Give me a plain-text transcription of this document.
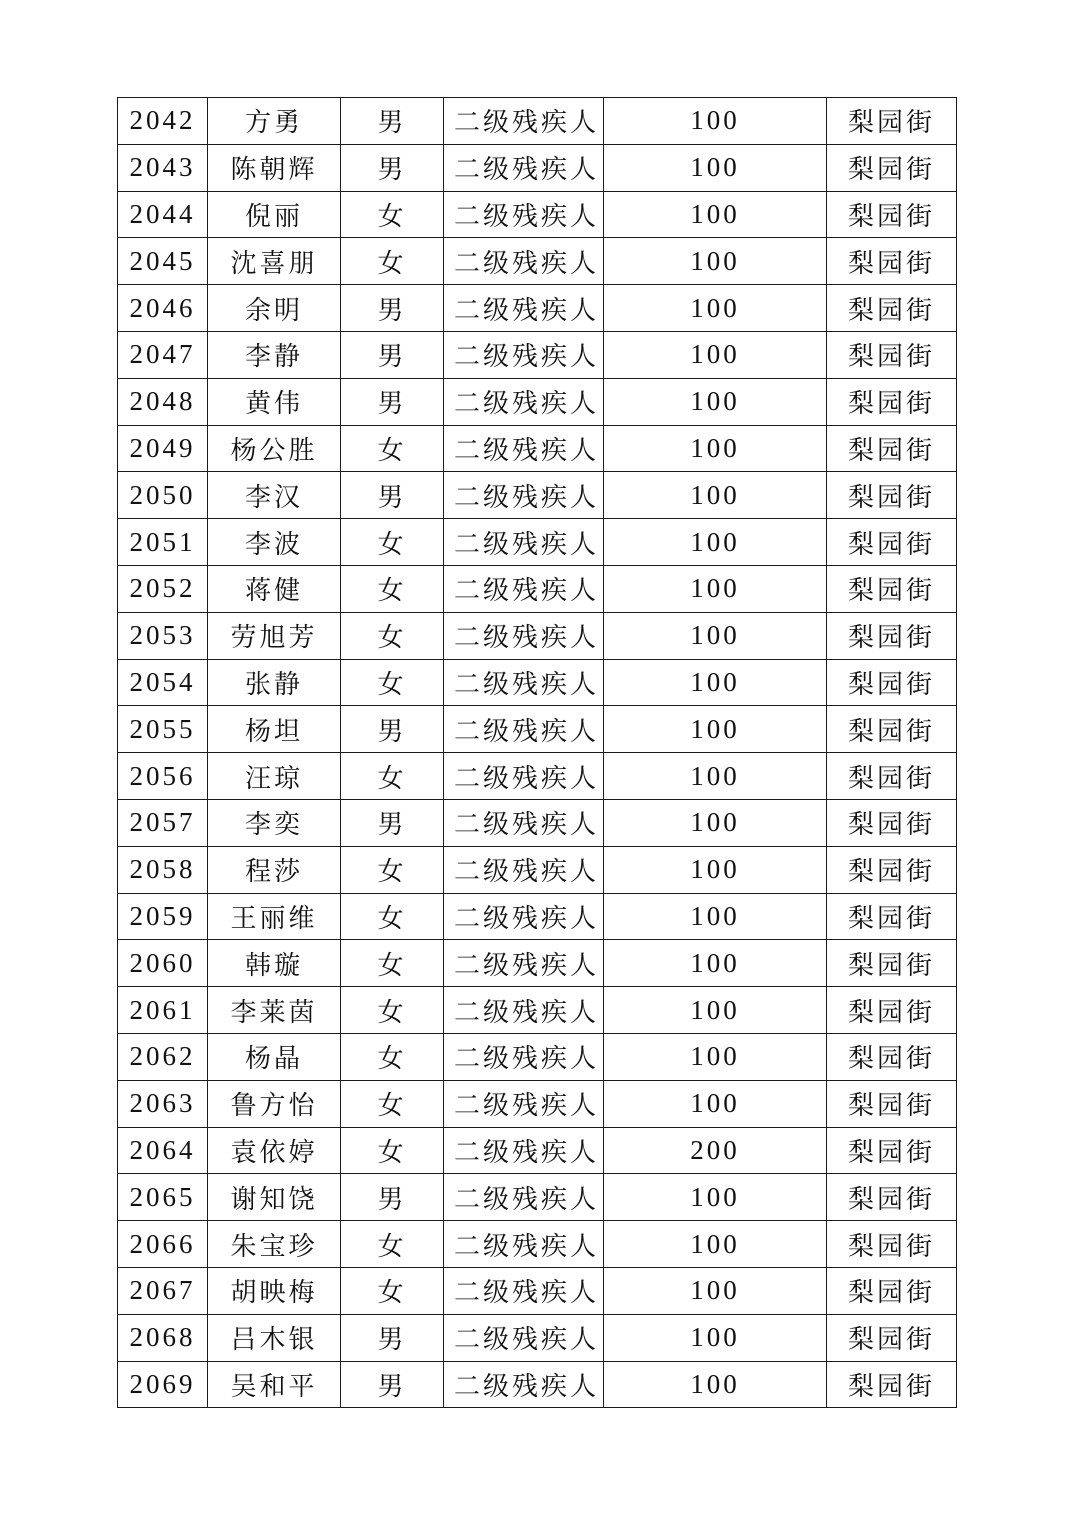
2042	方勇	男	二级残疾人	100	梨园街
2043	陈朝辉	男	二级残疾人	100	梨园街
2044	倪丽	女	二级残疾人	100	梨园街
2045	沈喜朋	女	二级残疾人	100	梨园街
2046	余明	男	二级残疾人	100	梨园街
2047	李静	男	二级残疾人	100	梨园街
2048	黄伟	男	二级残疾人	100	梨园街
2049	杨公胜	女	二级残疾人	100	梨园街
2050	李汉	男	二级残疾人	100	梨园街
2051	李波	女	二级残疾人	100	梨园街
2052	蒋健	女	二级残疾人	100	梨园街
2053	劳旭芳	女	二级残疾人	100	梨园街
2054	张静	女	二级残疾人	100	梨园街
2055	杨坦	男	二级残疾人	100	梨园街
2056	汪琼	女	二级残疾人	100	梨园街
2057	李奕	男	二级残疾人	100	梨园街
2058	程莎	女	二级残疾人	100	梨园街
2059	王丽维	女	二级残疾人	100	梨园街
2060	韩璇	女	二级残疾人	100	梨园街
2061	李莱茵	女	二级残疾人	100	梨园街
2062	杨晶	女	二级残疾人	100	梨园街
2063	鲁方怡	女	二级残疾人	100	梨园街
2064	袁依婷	女	二级残疾人	200	梨园街
2065	谢知饶	男	二级残疾人	100	梨园街
2066	朱宝珍	女	二级残疾人	100	梨园街
2067	胡映梅	女	二级残疾人	100	梨园街
2068	吕木银	男	二级残疾人	100	梨园街
2069	吴和平	男	二级残疾人	100	梨园街
